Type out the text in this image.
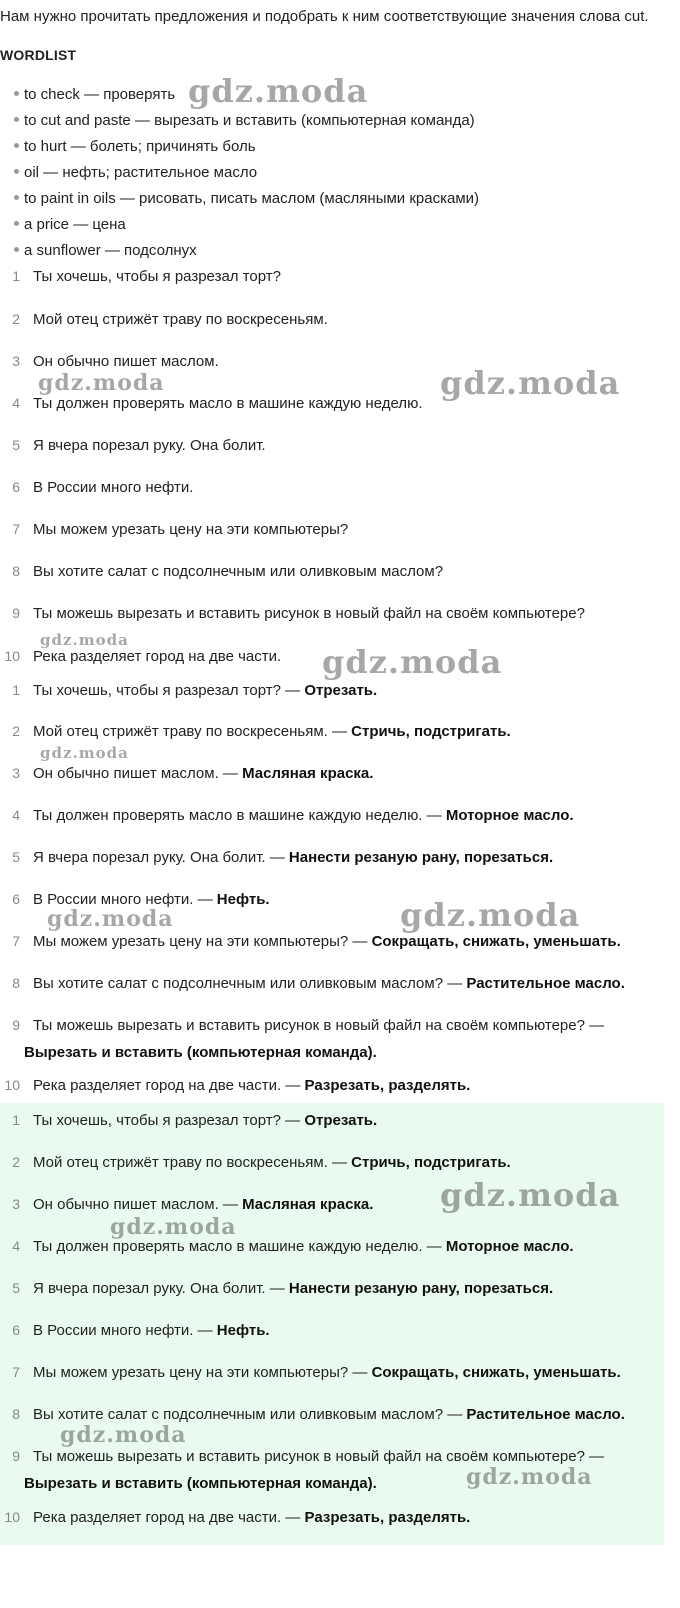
Нам нужно прочитать предложения и подобрать к ним соответствующие значения слова cut.
WORDLIST
to check — проверять
to cut and paste — вырезать и вставить (компьютерная команда)
to hurt — болеть; причинять боль
oil — нефть; растительное масло
to paint in oils — рисовать, писать маслом (масляными красками)
a price — цена
a sunflower — подсолнух
1 Ты хочешь, чтобы я разрезал торт?
2 Мой отец стрижёт траву по воскресеньям.
3 Он обычно пишет маслом.
4 Ты должен проверять масло в машине каждую неделю.
5 Я вчера порезал руку. Она болит.
6 В России много нефти.
7 Мы можем урезать цену на эти компьютеры?
8 Вы хотите салат с подсолнечным или оливковым маслом?
9 Ты можешь вырезать и вставить рисунок в новый файл на своём компьютере?
10 Река разделяет город на две части.
1 Ты хочешь, чтобы я разрезал торт? — Отрезать.
2 Мой отец стрижёт траву по воскресеньям. — Стричь, подстригать.
3 Он обычно пишет маслом. — Масляная краска.
4 Ты должен проверять масло в машине каждую неделю. — Моторное масло.
5 Я вчера порезал руку. Она болит. — Нанести резаную рану, порезаться.
6 В России много нефти. — Нефть.
7 Мы можем урезать цену на эти компьютеры? — Сокращать, снижать, уменьшать.
8 Вы хотите салат с подсолнечным или оливковым маслом? — Растительное масло.
9 Ты можешь вырезать и вставить рисунок в новый файл на своём компьютере? —
Вырезать и вставить (компьютерная команда).
10 Река разделяет город на две части. — Разрезать, разделять.
1 Ты хочешь, чтобы я разрезал торт? — Отрезать.
2 Мой отец стрижёт траву по воскресеньям. — Стричь, подстригать.
3 Он обычно пишет маслом. — Масляная краска.
4 Ты должен проверять масло в машине каждую неделю. — Моторное масло.
5 Я вчера порезал руку. Она болит. — Нанести резаную рану, порезаться.
6 В России много нефти. — Нефть.
7 Мы можем урезать цену на эти компьютеры? — Сокращать, снижать, уменьшать.
8 Вы хотите салат с подсолнечным или оливковым маслом? — Растительное масло.
9 Ты можешь вырезать и вставить рисунок в новый файл на своём компьютере? —
Вырезать и вставить (компьютерная команда).
10 Река разделяет город на две части. — Разрезать, разделять.
gdz.moda
gdz.moda	gdz.moda
gdz.moda
gdz.moda
gdz.moda
gdz.moda	gdz.moda
gdz.moda
gdz.moda
gdz.moda
gdz.moda
